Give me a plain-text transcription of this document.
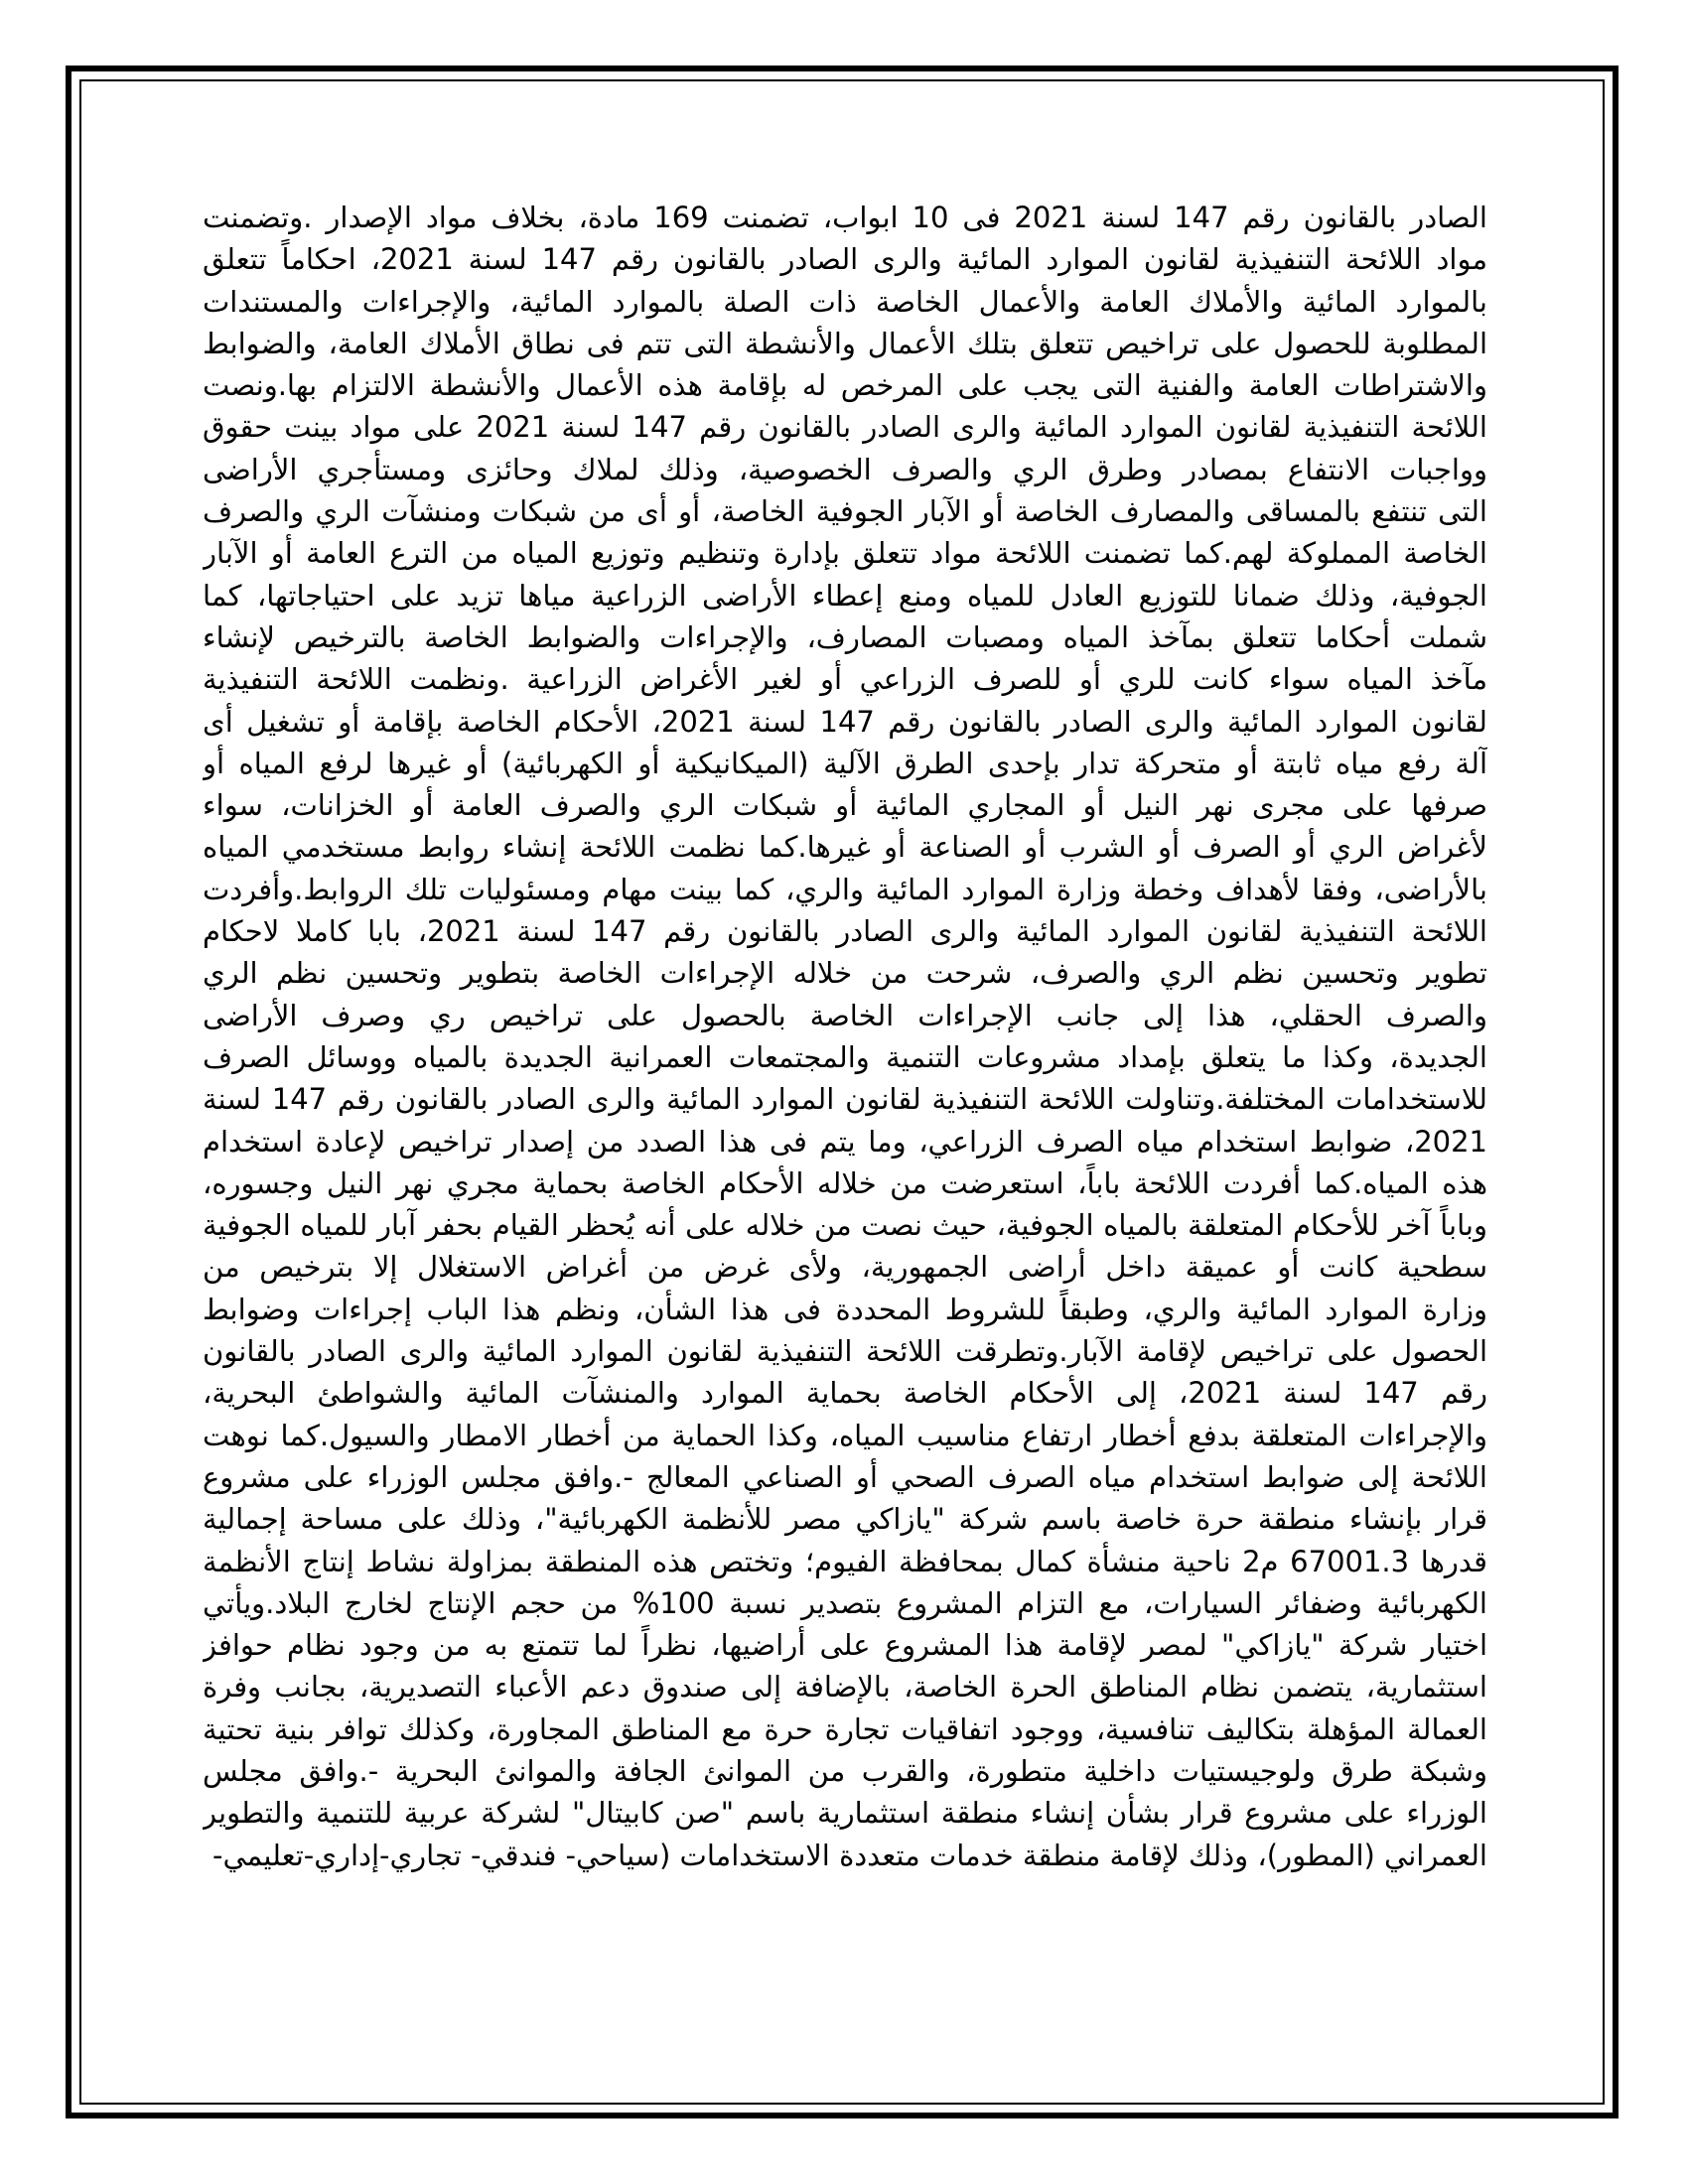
الصادر بالقانون رقم 147 لسنة 2021 فى 10 ابواب، تضمنت 169 مادة، بخلاف مواد الإصدار .وتضمنت
مواد اللائحة التنفيذية لقانون الموارد المائية والرى الصادر بالقانون رقم 147 لسنة 2021، احكاماً تتعلق
بالموارد المائية والأملاك العامة والأعمال الخاصة ذات الصلة بالموارد المائية، والإجراءات والمستندات
المطلوبة للحصول على تراخيص تتعلق بتلك الأعمال والأنشطة التى تتم فى نطاق الأملاك العامة، والضوابط
والاشتراطات العامة والفنية التى يجب على المرخص له بإقامة هذه الأعمال والأنشطة الالتزام بها.ونصت
اللائحة التنفيذية لقانون الموارد المائية والرى الصادر بالقانون رقم 147 لسنة 2021 على مواد بينت حقوق
وواجبات الانتفاع بمصادر وطرق الري والصرف الخصوصية، وذلك لملاك وحائزى ومستأجري الأراضى
التى تنتفع بالمساقى والمصارف الخاصة أو الآبار الجوفية الخاصة، أو أى من شبكات ومنشآت الري والصرف
الخاصة المملوكة لهم.كما تضمنت اللائحة مواد تتعلق بإدارة وتنظيم وتوزيع المياه من الترع العامة أو الآبار
الجوفية، وذلك ضمانا للتوزيع العادل للمياه ومنع إعطاء الأراضى الزراعية مياها تزيد على احتياجاتها، كما
شملت أحكاما تتعلق بمآخذ المياه ومصبات المصارف، والإجراءات والضوابط الخاصة بالترخيص لإنشاء
مآخذ المياه سواء كانت للري أو للصرف الزراعي أو لغير الأغراض الزراعية .ونظمت اللائحة التنفيذية
لقانون الموارد المائية والرى الصادر بالقانون رقم 147 لسنة 2021، الأحكام الخاصة بإقامة أو تشغيل أى
آلة رفع مياه ثابتة أو متحركة تدار بإحدى الطرق الآلية (الميكانيكية أو الكهربائية) أو غيرها لرفع المياه أو
صرفها على مجرى نهر النيل أو المجاري المائية أو شبكات الري والصرف العامة أو الخزانات، سواء
لأغراض الري أو الصرف أو الشرب أو الصناعة أو غيرها.كما نظمت اللائحة إنشاء روابط مستخدمي المياه
بالأراضى، وفقا لأهداف وخطة وزارة الموارد المائية والري، كما بينت مهام ومسئوليات تلك الروابط.وأفردت
اللائحة التنفيذية لقانون الموارد المائية والرى الصادر بالقانون رقم 147 لسنة 2021، بابا كاملا لاحكام
تطوير وتحسين نظم الري والصرف، شرحت من خلاله الإجراءات الخاصة بتطوير وتحسين نظم الري
والصرف الحقلي، هذا إلى جانب الإجراءات الخاصة بالحصول على تراخيص ري وصرف الأراضى
الجديدة، وكذا ما يتعلق بإمداد مشروعات التنمية والمجتمعات العمرانية الجديدة بالمياه ووسائل الصرف
للاستخدامات المختلفة.وتناولت اللائحة التنفيذية لقانون الموارد المائية والرى الصادر بالقانون رقم 147 لسنة
2021، ضوابط استخدام مياه الصرف الزراعي، وما يتم فى هذا الصدد من إصدار تراخيص لإعادة استخدام
هذه المياه.كما أفردت اللائحة باباً، استعرضت من خلاله الأحكام الخاصة بحماية مجري نهر النيل وجسوره،
وباباً آخر للأحكام المتعلقة بالمياه الجوفية، حيث نصت من خلاله على أنه يُحظر القيام بحفر آبار للمياه الجوفية
سطحية كانت أو عميقة داخل أراضى الجمهورية، ولأى غرض من أغراض الاستغلال إلا بترخيص من
وزارة الموارد المائية والري، وطبقاً للشروط المحددة فى هذا الشأن، ونظم هذا الباب إجراءات وضوابط
الحصول على تراخيص لإقامة الآبار.وتطرقت اللائحة التنفيذية لقانون الموارد المائية والرى الصادر بالقانون
رقم 147 لسنة 2021، إلى الأحكام الخاصة بحماية الموارد والمنشآت المائية والشواطئ البحرية،
والإجراءات المتعلقة بدفع أخطار ارتفاع مناسيب المياه، وكذا الحماية من أخطار الامطار والسيول.كما نوهت
اللائحة إلى ضوابط استخدام مياه الصرف الصحي أو الصناعي المعالج -.وافق مجلس الوزراء على مشروع
قرار بإنشاء منطقة حرة خاصة باسم شركة "يازاكي مصر للأنظمة الكهربائية"، وذلك على مساحة إجمالية
قدرها 67001.3 م2 ناحية منشأة كمال بمحافظة الفيوم؛ وتختص هذه المنطقة بمزاولة نشاط إنتاج الأنظمة
الكهربائية وضفائر السيارات، مع التزام المشروع بتصدير نسبة 100% من حجم الإنتاج لخارج البلاد.ويأتي
اختيار شركة "يازاكي" لمصر لإقامة هذا المشروع على أراضيها، نظراً لما تتمتع به من وجود نظام حوافز
استثمارية، يتضمن نظام المناطق الحرة الخاصة، بالإضافة إلى صندوق دعم الأعباء التصديرية، بجانب وفرة
العمالة المؤهلة بتكاليف تنافسية، ووجود اتفاقيات تجارة حرة مع المناطق المجاورة، وكذلك توافر بنية تحتية
وشبكة طرق ولوجيستيات داخلية متطورة، والقرب من الموانئ الجافة والموانئ البحرية -.وافق مجلس
الوزراء على مشروع قرار بشأن إنشاء منطقة استثمارية باسم "صن كابيتال" لشركة عربية للتنمية والتطوير
العمراني (المطور)، وذلك لإقامة منطقة خدمات متعددة الاستخدامات (سياحي- فندقي- تجاري-إداري-تعليمي-
